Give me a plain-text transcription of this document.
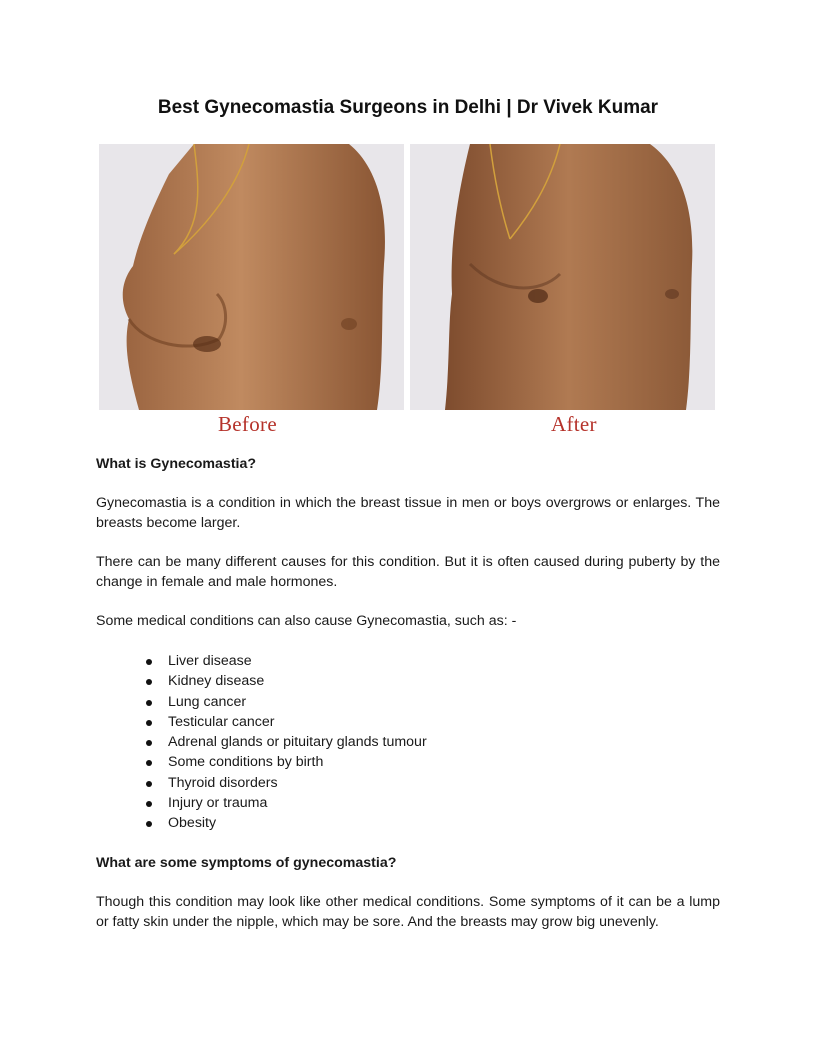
Best Gynecomastia Surgeons in Delhi | Dr Vivek Kumar
Before	After
What is Gynecomastia?

Gynecomastia is a condition in which the breast tissue in men or boys overgrows or enlarges. The breasts become larger.

There can be many different causes for this condition. But it is often caused during puberty by the change in female and male hormones.

Some medical conditions can also cause Gynecomastia, such as: -

Liver disease
Kidney disease
Lung cancer
Testicular cancer
Adrenal glands or pituitary glands tumour
Some conditions by birth
Thyroid disorders
Injury or trauma
Obesity
What are some symptoms of gynecomastia?

Though this condition may look like other medical conditions. Some symptoms of it can be a lump or fatty skin under the nipple, which may be sore. And the breasts may grow big unevenly.
